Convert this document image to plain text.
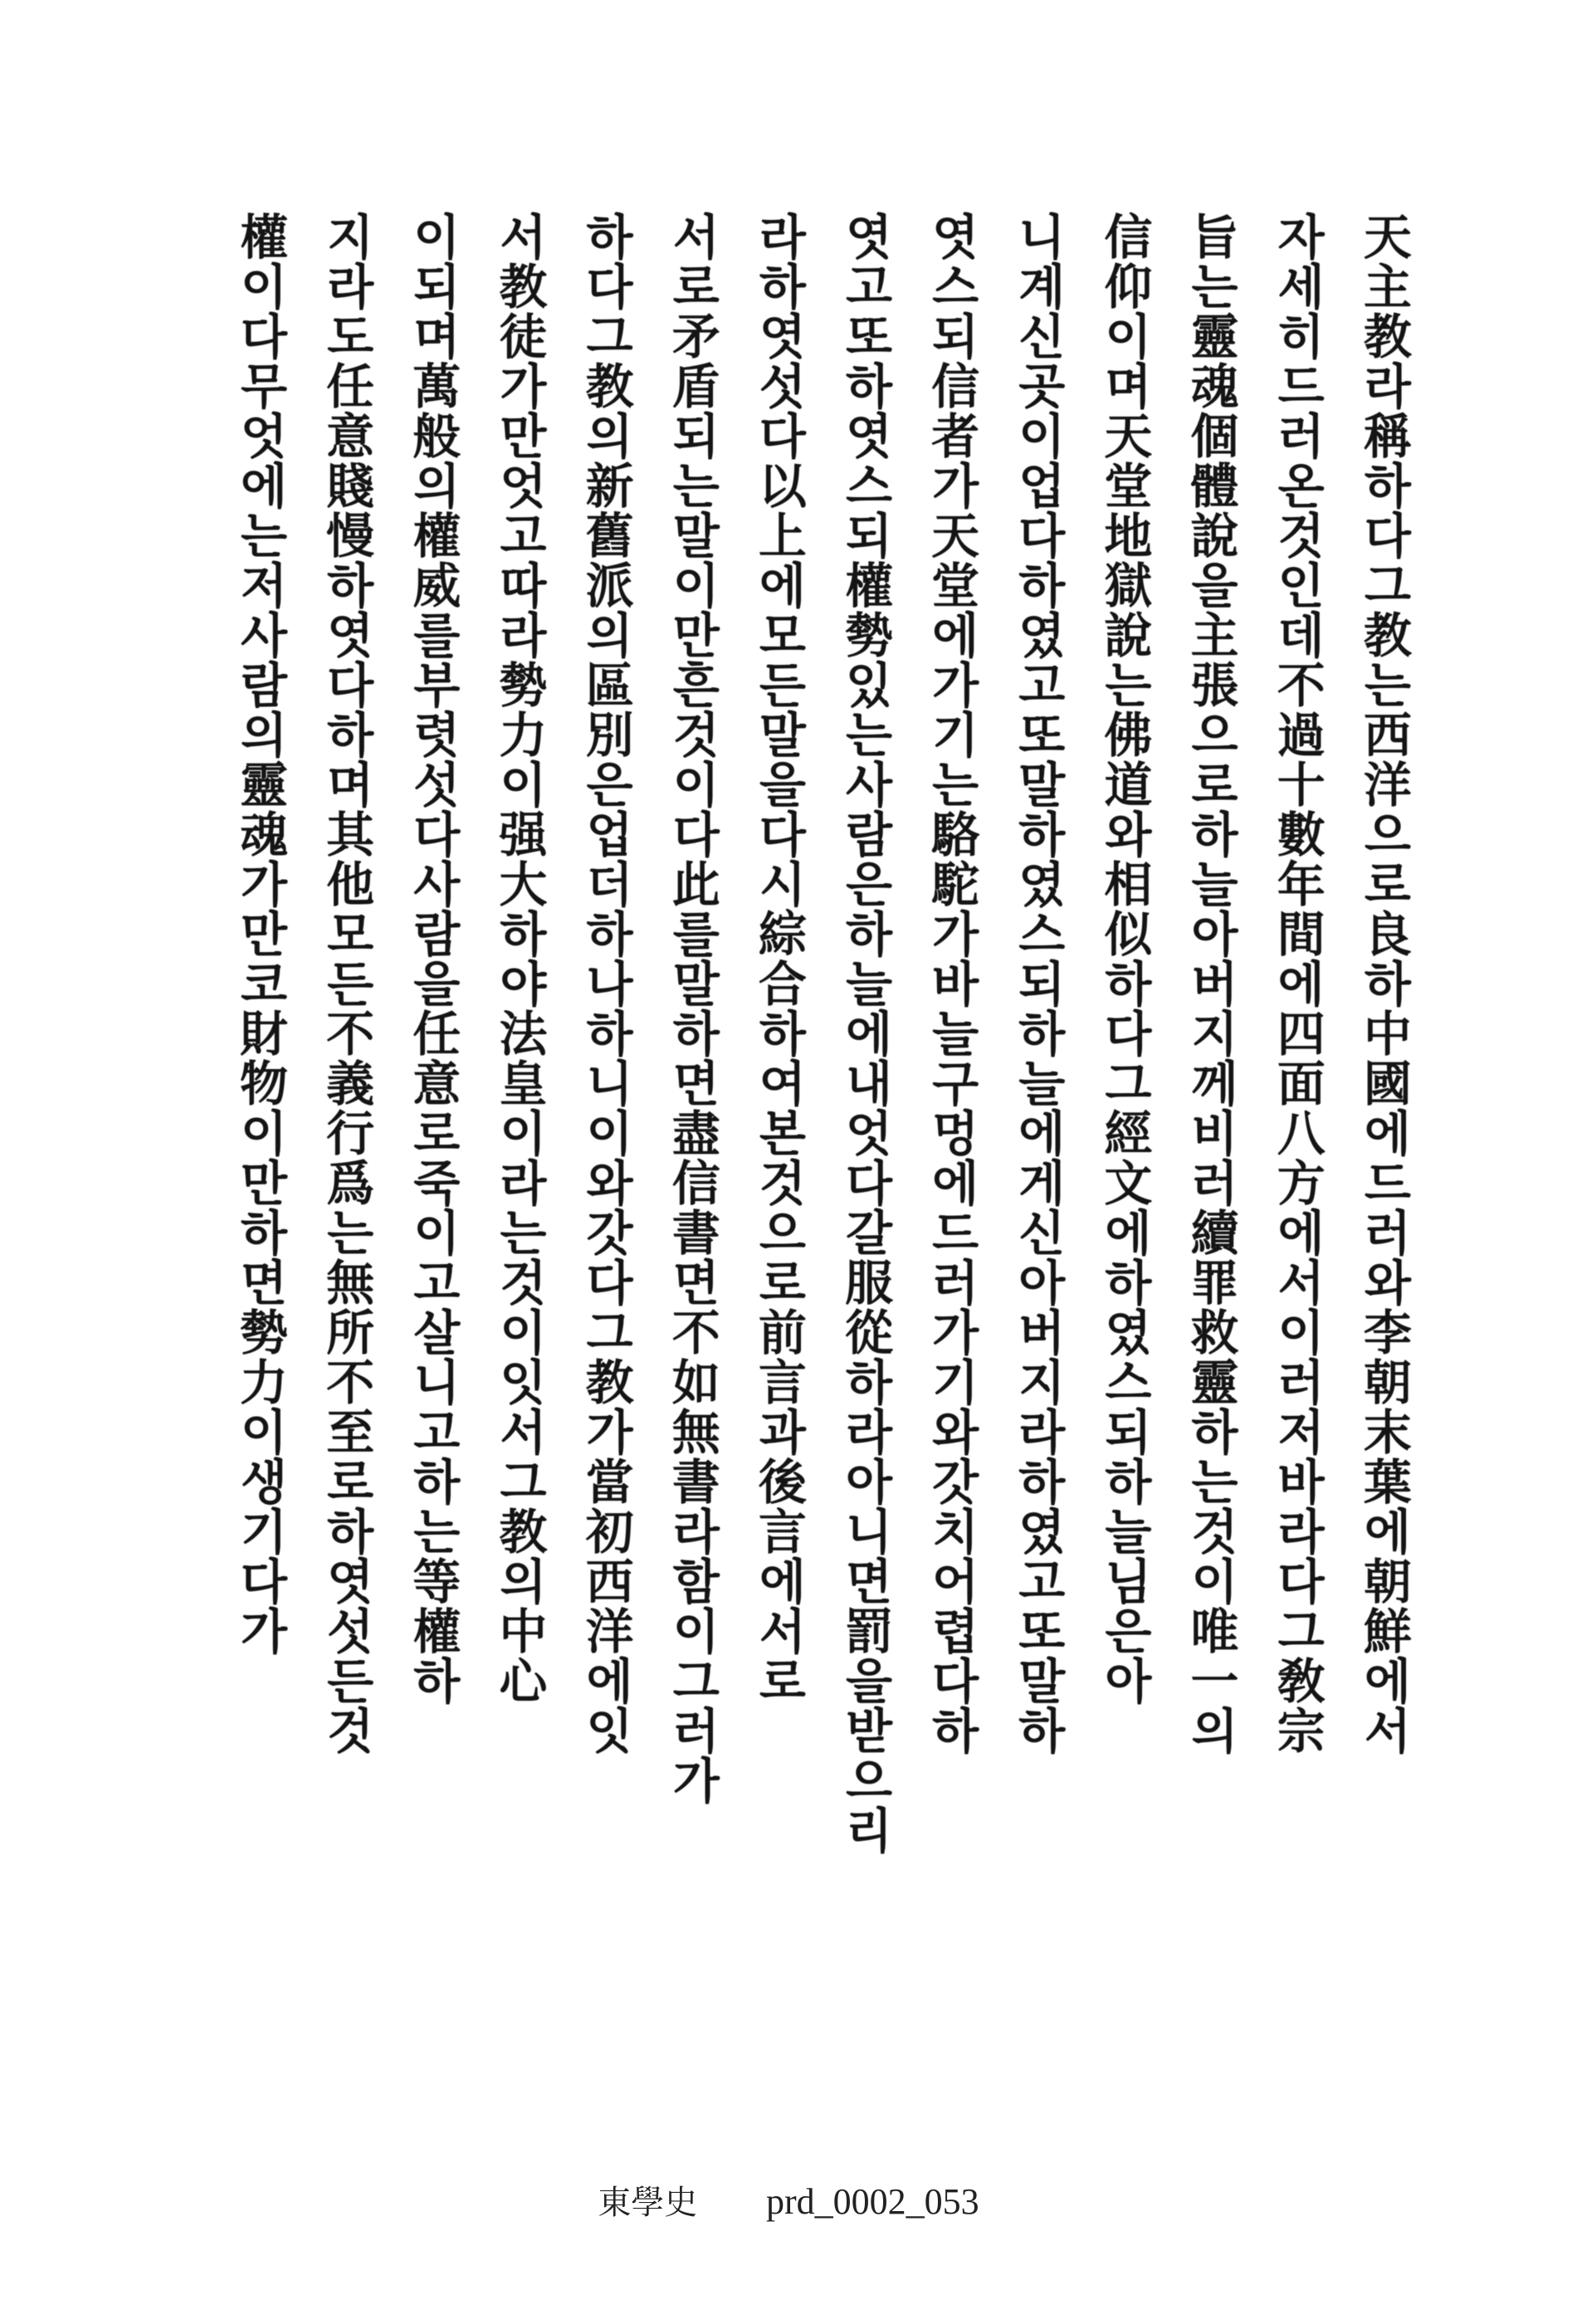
天主教라稱하다그教는西洋으로良하中國에드러와李朝末葉에朝鮮에서
자세히드러온것인데不過十數年間에四面八方에서이러저바라다그敎宗
旨는靈魂個體說을主張으로하늘아버지께비러續罪救靈하는것이唯一의
信仰이며天堂地獄說는佛道와相似하다그經文에하였스되하늘님은아
니계신곳이업다하였고또말하였스되하늘에게신아버지라하였고또말하
엿스되信者가天堂에가기는駱駝가바늘구멍에드러가기와갓치어렵다하
엿고또하엿스되權勢있는사람은하늘에내엇다갈服從하라아니면罰을받으리
라하엿섯다以上에모든말을다시綜合하여본것으로前言과後言에서로
서로矛盾되는말이만흔것이다此를말하면盡信書면不如無書라함이그러가
하다그教의新舊派의區別은업더하나하니이와갓다그教가當初西洋에잇
서教徒가만엇고따라勢力이强大하야法皇이라는것이잇서그教의中心
이되며萬般의權威를부렷섯다사람을任意로죽이고살니고하는等權하
지라도任意賤慢하엿다하며其他모든不義行爲는無所不至로하엿섯든것
權이다무엇에는저사람의靈魂가만코財物이만하면勢力이생기다가
東學史 prd_0002_053
